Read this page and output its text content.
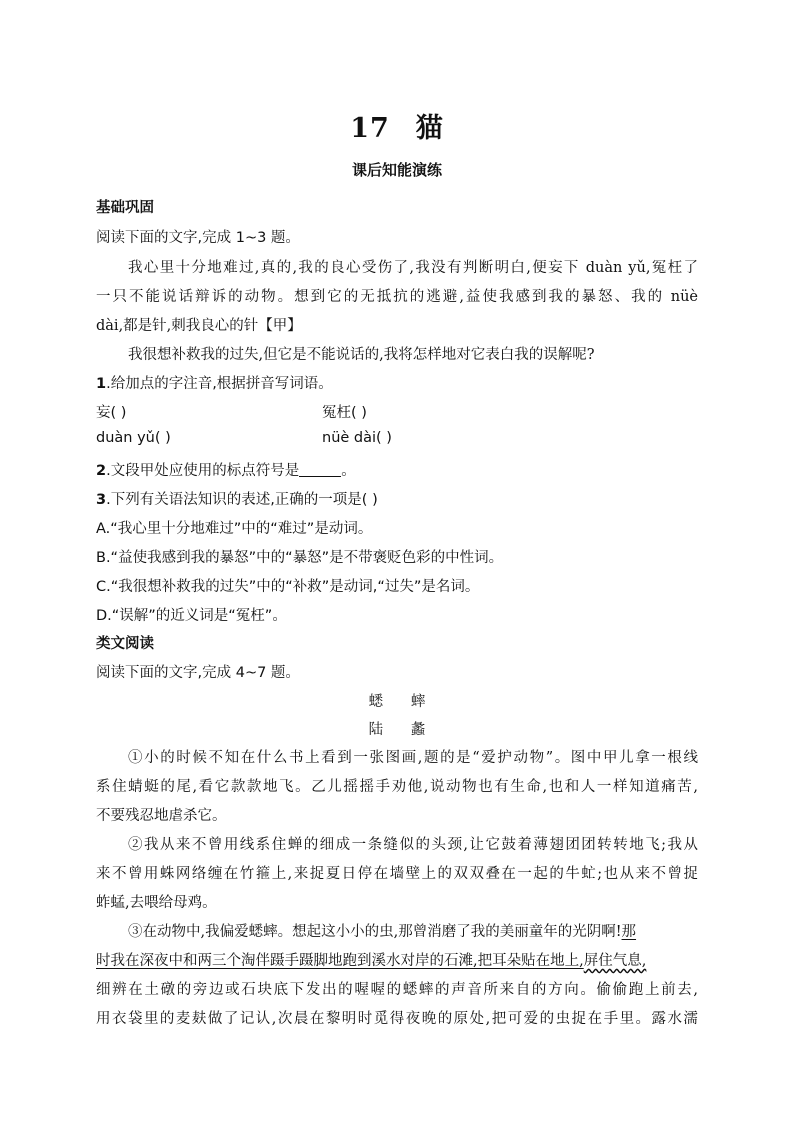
17 猫
课后知能演练
基础巩固
阅读下面的文字,完成 1~3 题。
我心里十分地难过,真的,我的良心受伤了,我没有判断明白,便妄下 duàn yǔ,冤枉了
一只不能说话辩诉的动物。想到它的无抵抗的逃避,益使我感到我的暴怒、我的 nüè
dài,都是针,刺我良心的针【甲】
我很想补救我的过失,但它是不能说话的,我将怎样地对它表白我的误解呢?
1.给加点的字注音,根据拼音写词语。
妄( )	冤枉( )
duàn yǔ( )	nüè dài( )
2.文段甲处应使用的标点符号是	。
3.下列有关语法知识的表述,正确的一项是( )
A.“我心里十分地难过”中的“难过”是动词。
B.“益使我感到我的暴怒”中的“暴怒”是不带褒贬色彩的中性词。
C.“我很想补救我的过失”中的“补救”是动词,“过失”是名词。
D.“误解”的近义词是“冤枉”。
类文阅读
阅读下面的文字,完成 4~7 题。
蟋      蟀
陆      蠡
①小的时候不知在什么书上看到一张图画,题的是“爱护动物”。图中甲儿拿一根线
系住蜻蜓的尾,看它款款地飞。乙儿摇摇手劝他,说动物也有生命,也和人一样知道痛苦,
不要残忍地虐杀它。
②我从来不曾用线系住蝉的细成一条缝似的头颈,让它鼓着薄翅团团转转地飞;我从
来不曾用蛛网络缠在竹箍上,来捉夏日停在墙壁上的双双叠在一起的牛虻;也从来不曾捉
蚱蜢,去喂给母鸡。
③在动物中,我偏爱蟋蟀。想起这小小的虫,那曾消磨了我的美丽童年的光阴啊!那
时我在深夜中和两三个淘伴蹑手蹑脚地跑到溪水对岸的石滩,把耳朵贴在地上,屏住气息,
细辨在土礅的旁边或石块底下发出的喔喔的蟋蟀的声音所来自的方向。偷偷跑上前去,
用衣袋里的麦麸做了记认,次晨在黎明时觅得夜晚的原处,把可爱的虫捉在手里。露水濡
